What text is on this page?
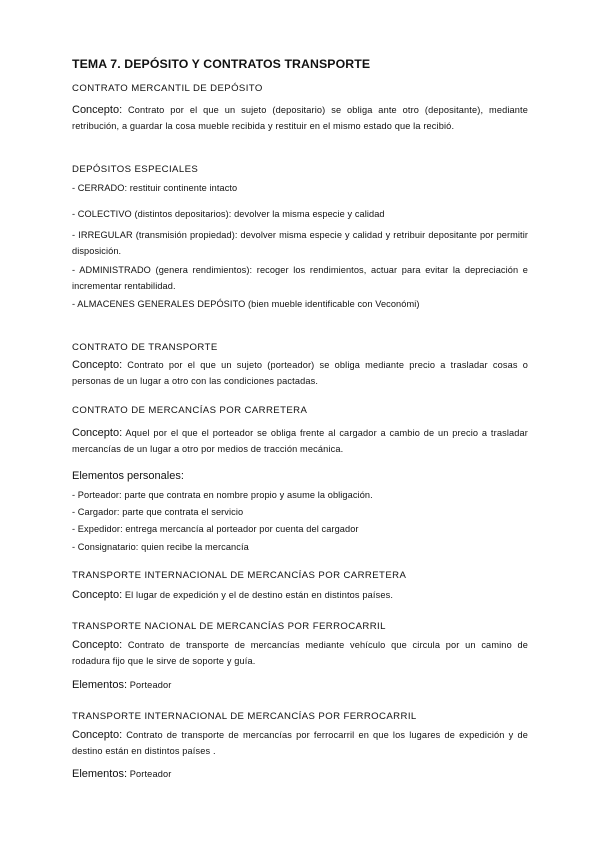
TEMA 7. DEPÓSITO Y CONTRATOS TRANSPORTE

CONTRATO MERCANTIL DE DEPÓSITO

Concepto: Contrato por el que un sujeto (depositario) se obliga ante otro (depositante), mediante retribución, a guardar la cosa mueble recibida y restituir en el mismo estado que la recibió.

DEPÓSITOS ESPECIALES

- CERRADO: restituir continente intacto

- COLECTIVO (distintos depositarios): devolver la misma especie y calidad

- IRREGULAR (transmisión propiedad): devolver misma especie y calidad y retribuir depositante por permitir disposición.

- ADMINISTRADO (genera rendimientos): recoger los rendimientos, actuar para evitar la depreciación e incrementar rentabilidad.

- ALMACENES GENERALES DEPÓSITO (bien mueble identificable con Veconómi)

CONTRATO DE TRANSPORTE

Concepto: Contrato por el que un sujeto (porteador) se obliga mediante precio a trasladar cosas o personas de un lugar a otro con las condiciones pactadas.

CONTRATO DE MERCANCÍAS POR CARRETERA

Concepto: Aquel por el que el porteador se obliga frente al cargador a cambio de un precio a trasladar mercancías de un lugar a otro por medios de tracción mecánica.

Elementos personales:

- Porteador: parte que contrata en nombre propio y asume la obligación.

- Cargador: parte que contrata el servicio

- Expedidor: entrega mercancía al porteador por cuenta del cargador

- Consignatario: quien recibe la mercancía

TRANSPORTE INTERNACIONAL DE MERCANCÍAS POR CARRETERA

Concepto: El lugar de expedición y el de destino están en distintos países.

TRANSPORTE NACIONAL DE MERCANCÍAS POR FERROCARRIL

Concepto: Contrato de transporte de mercancías mediante vehículo que circula por un camino de rodadura fijo que le sirve de soporte y guía.

Elementos: Porteador

TRANSPORTE INTERNACIONAL DE MERCANCÍAS POR FERROCARRIL

Concepto: Contrato de transporte de mercancías por ferrocarril en que los lugares de expedición y de destino están en distintos países .

Elementos: Porteador
